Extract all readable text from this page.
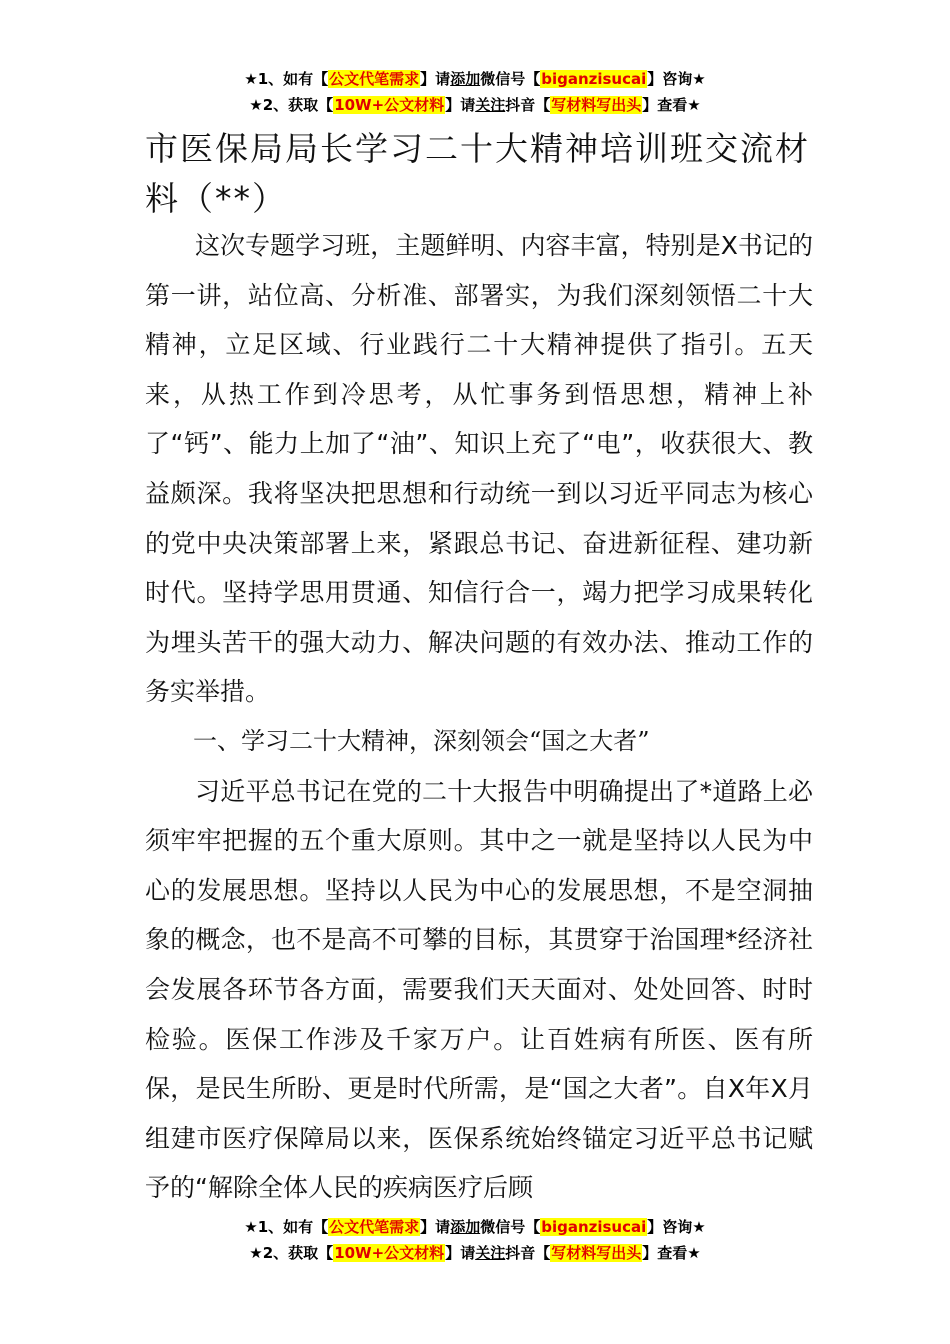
★1、如有【公文代笔需求】请添加微信号【biganzisucai】咨询★
★2、获取【10W+公文材料】请关注抖音【写材料写出头】查看★
市医保局局长学习二十大精神培训班交流材料（**）

这次专题学习班，主题鲜明、内容丰富，特别是X书记的第一讲，站位高、分析准、部署实，为我们深刻领悟二十大精神，立足区域、行业践行二十大精神提供了指引。五天来，从热工作到冷思考，从忙事务到悟思想，精神上补了“钙”、能力上加了“油”、知识上充了“电”，收获很大、教益颇深。我将坚决把思想和行动统一到以习近平同志为核心的党中央决策部署上来，紧跟总书记、奋进新征程、建功新时代。坚持学思用贯通、知信行合一，竭力把学习成果转化为埋头苦干的强大动力、解决问题的有效办法、推动工作的务实举措。

一、学习二十大精神，深刻领会“国之大者”

习近平总书记在党的二十大报告中明确提出了*道路上必须牢牢把握的五个重大原则。其中之一就是坚持以人民为中心的发展思想。坚持以人民为中心的发展思想，不是空洞抽象的概念，也不是高不可攀的目标，其贯穿于治国理*经济社会发展各环节各方面，需要我们天天面对、处处回答、时时检验。医保工作涉及千家万户。让百姓病有所医、医有所保，是民生所盼、更是时代所需，是“国之大者”。自X年X月组建市医疗保障局以来，医保系统始终锚定习近平总书记赋予的“解除全体人民的疾病医疗后顾

★1、如有【公文代笔需求】请添加微信号【biganzisucai】咨询★
★2、获取【10W+公文材料】请关注抖音【写材料写出头】查看★
